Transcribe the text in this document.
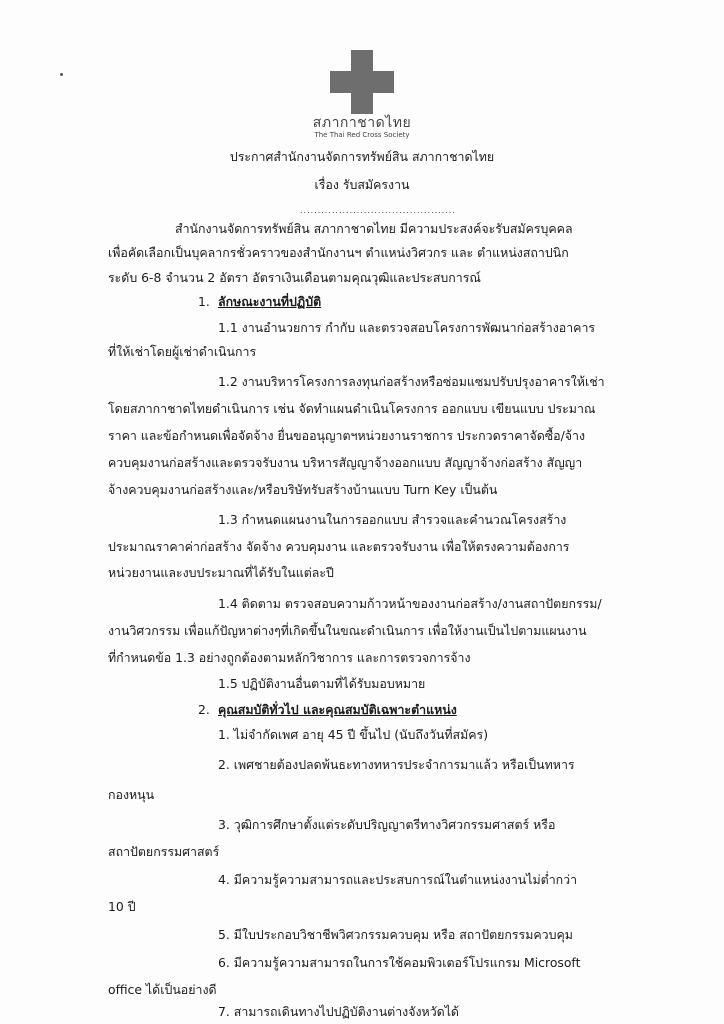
สภากาชาดไทย
The Thai Red Cross Society
ประกาศสำนักงานจัดการทรัพย์สิน สภากาชาดไทย
เรื่อง รับสมัครงาน
............................................
สำนักงานจัดการทรัพย์สิน สภากาชาดไทย มีความประสงค์จะรับสมัครบุคคล
เพื่อคัดเลือกเป็นบุคลากรชั่วคราวของสำนักงานฯ ตำแหน่งวิศวกร และ ตำแหน่งสถาปนิก
ระดับ 6-8 จำนวน 2 อัตรา อัตราเงินเดือนตามคุณวุฒิและประสบการณ์
1. ลักษณะงานที่ปฏิบัติ
1.1 งานอำนวยการ กำกับ และตรวจสอบโครงการพัฒนาก่อสร้างอาคาร
ที่ให้เช่าโดยผู้เช่าดำเนินการ
1.2 งานบริหารโครงการลงทุนก่อสร้างหรือซ่อมแซมปรับปรุงอาคารให้เช่า
โดยสภากาชาดไทยดำเนินการ เช่น จัดทำแผนดำเนินโครงการ ออกแบบ เขียนแบบ ประมาณ
ราคา และข้อกำหนดเพื่อจัดจ้าง ยื่นขออนุญาตฯหน่วยงานราชการ ประกวดราคาจัดซื้อ/จ้าง
ควบคุมงานก่อสร้างและตรวจรับงาน บริหารสัญญาจ้างออกแบบ สัญญาจ้างก่อสร้าง สัญญา
จ้างควบคุมงานก่อสร้างและ/หรือบริษัทรับสร้างบ้านแบบ Turn Key เป็นต้น
1.3 กำหนดแผนงานในการออกแบบ สำรวจและคำนวณโครงสร้าง
ประมาณราคาค่าก่อสร้าง จัดจ้าง ควบคุมงาน และตรวจรับงาน เพื่อให้ตรงความต้องการ
หน่วยงานและงบประมาณที่ได้รับในแต่ละปี
1.4 ติดตาม ตรวจสอบความก้าวหน้าของงานก่อสร้าง/งานสถาปัตยกรรม/
งานวิศวกรรม เพื่อแก้ปัญหาต่างๆที่เกิดขึ้นในขณะดำเนินการ เพื่อให้งานเป็นไปตามแผนงาน
ที่กำหนดข้อ 1.3 อย่างถูกต้องตามหลักวิชาการ และการตรวจการจ้าง
1.5 ปฏิบัติงานอื่นตามที่ได้รับมอบหมาย
2. คุณสมบัติทั่วไป และคุณสมบัติเฉพาะตำแหน่ง
1. ไม่จำกัดเพศ อายุ 45 ปี ขึ้นไป (นับถึงวันที่สมัคร)
2. เพศชายต้องปลดพ้นธะทางทหารประจำการมาแล้ว หรือเป็นทหาร
กองหนุน
3. วุฒิการศึกษาตั้งแต่ระดับปริญญาตรีทางวิศวกรรมศาสตร์ หรือ
สถาปัตยกรรมศาสตร์
4. มีความรู้ความสามารถและประสบการณ์ในตำแหน่งงานไม่ต่ำกว่า
10 ปี
5. มีใบประกอบวิชาชีพวิศวกรรมควบคุม หรือ สถาปัตยกรรมควบคุม
6. มีความรู้ความสามารถในการใช้คอมพิวเตอร์โปรแกรม Microsoft
office ได้เป็นอย่างดี
7. สามารถเดินทางไปปฏิบัติงานต่างจังหวัดได้
